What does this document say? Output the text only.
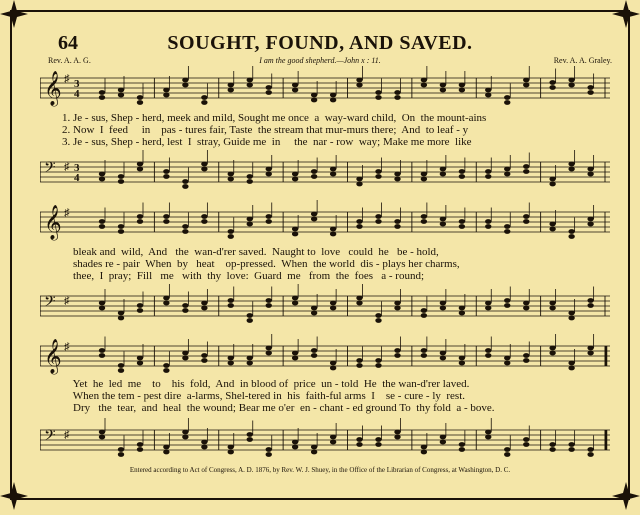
64	SOUGHT, FOUND, AND SAVED.
Rev. A. A. G.	I am the good shepherd.—John x : 11.	Rev. A. A. Graley.
𝄞 ♯ 3
4
1. Je - sus, Shep - herd, meek and mild, Sought me once  a  way-ward child,  On  the mount-ains
2. Now  I  feed     in    pas - tures fair, Taste  the stream that mur-murs there;  And  to leaf - y
3. Je - sus, Shep - herd, lest  I  stray, Guide me  in     the  nar - row  way; Make me more  like
𝄢 ♯ 3
4
𝄞 ♯
bleak and  wild,  And   the  wan-d'rer saved.  Naught to  love   could  he   be - hold,
shades re - pair  When  by   heat    op-pressed.  When  the world  dis - plays her charms,
thee,  I  pray;  Fill   me   with  thy  love:  Guard  me   from  the  foes   a - round;
𝄢 ♯
𝄞 ♯
Yet  he  led  me    to    his  fold,  And  in blood of  price  un - told  He  the wan-d'rer laved.
When the tem - pest dire  a-larms, Shel-tered in  his  faith-ful arms  I    se - cure - ly  rest.
Dry   the  tear,  and  heal  the wound; Bear me o'er  en - chant - ed ground To  thy fold  a - bove.
𝄢 ♯
Entered according to Act of Congress, A. D. 1876, by Rev. W. J. Shuey, in the Office of the Librarian of Congress, at Washington, D. C.
